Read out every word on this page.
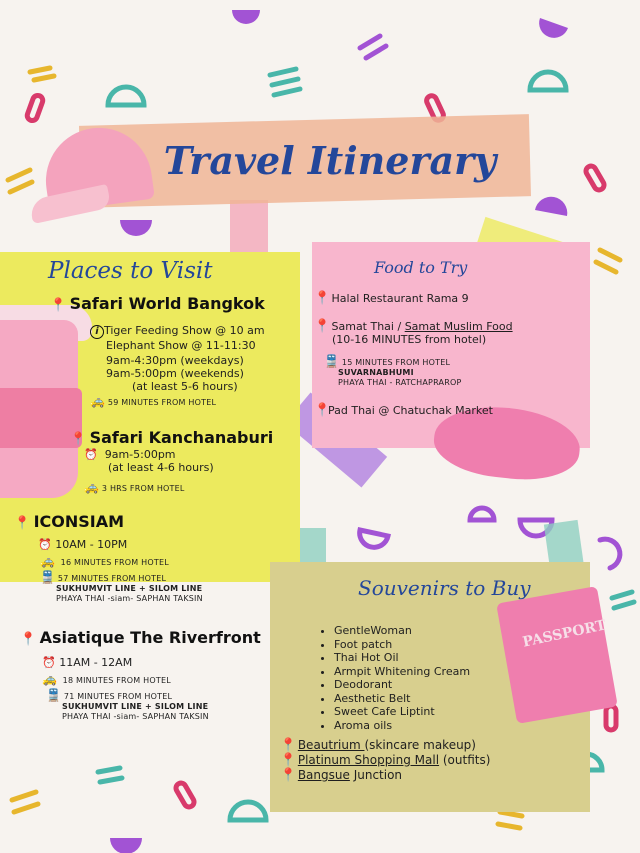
Travel Itinerary
PASSPORT
Places to Visit
📍 Safari World Bangkok
i Tiger Feeding Show @ 10 am
Elephant Show @ 11-11:30
9am-4:30pm (weekdays)
9am-5:00pm (weekends)
(at least 5-6 hours)
🚕 59 MINUTES FROM HOTEL
📍 Safari Kanchanaburi
⏰ 9am-5:00pm
(at least 4-6 hours)
🚕 3 HRS FROM HOTEL
📍 ICONSIAM
⏰ 10AM - 10PM
🚕 16 MINUTES FROM HOTEL
🚆 57 MINUTES FROM HOTEL
SUKHUMVIT LINE + SILOM LINE
PHAYA THAI -siam- SAPHAN TAKSIN
📍 Asiatique The Riverfront
⏰ 11AM - 12AM
🚕 18 MINUTES FROM HOTEL
🚆 71 MINUTES FROM HOTEL
SUKHUMVIT LINE + SILOM LINE
PHAYA THAI -siam- SAPHAN TAKSIN
Food to Try
📍 Halal Restaurant Rama 9
📍 Samat Thai / Samat Muslim Food
(10-16 MINUTES from hotel)
🚆 15 MINUTES FROM HOTEL
SUVARNABHUMI
PHAYA THAI - RATCHAPRAROP
📍Pad Thai @ Chatuchak Market
Souvenirs to Buy
• GentleWoman
• Foot patch
• Thai Hot Oil
• Armpit Whitening Cream
• Deodorant
• Aesthetic Belt
• Sweet Cafe Liptint
• Aroma oils
📍 Beautrium (skincare makeup)
📍 Platinum Shopping Mall (outfits)
📍 Bangsue Junction
